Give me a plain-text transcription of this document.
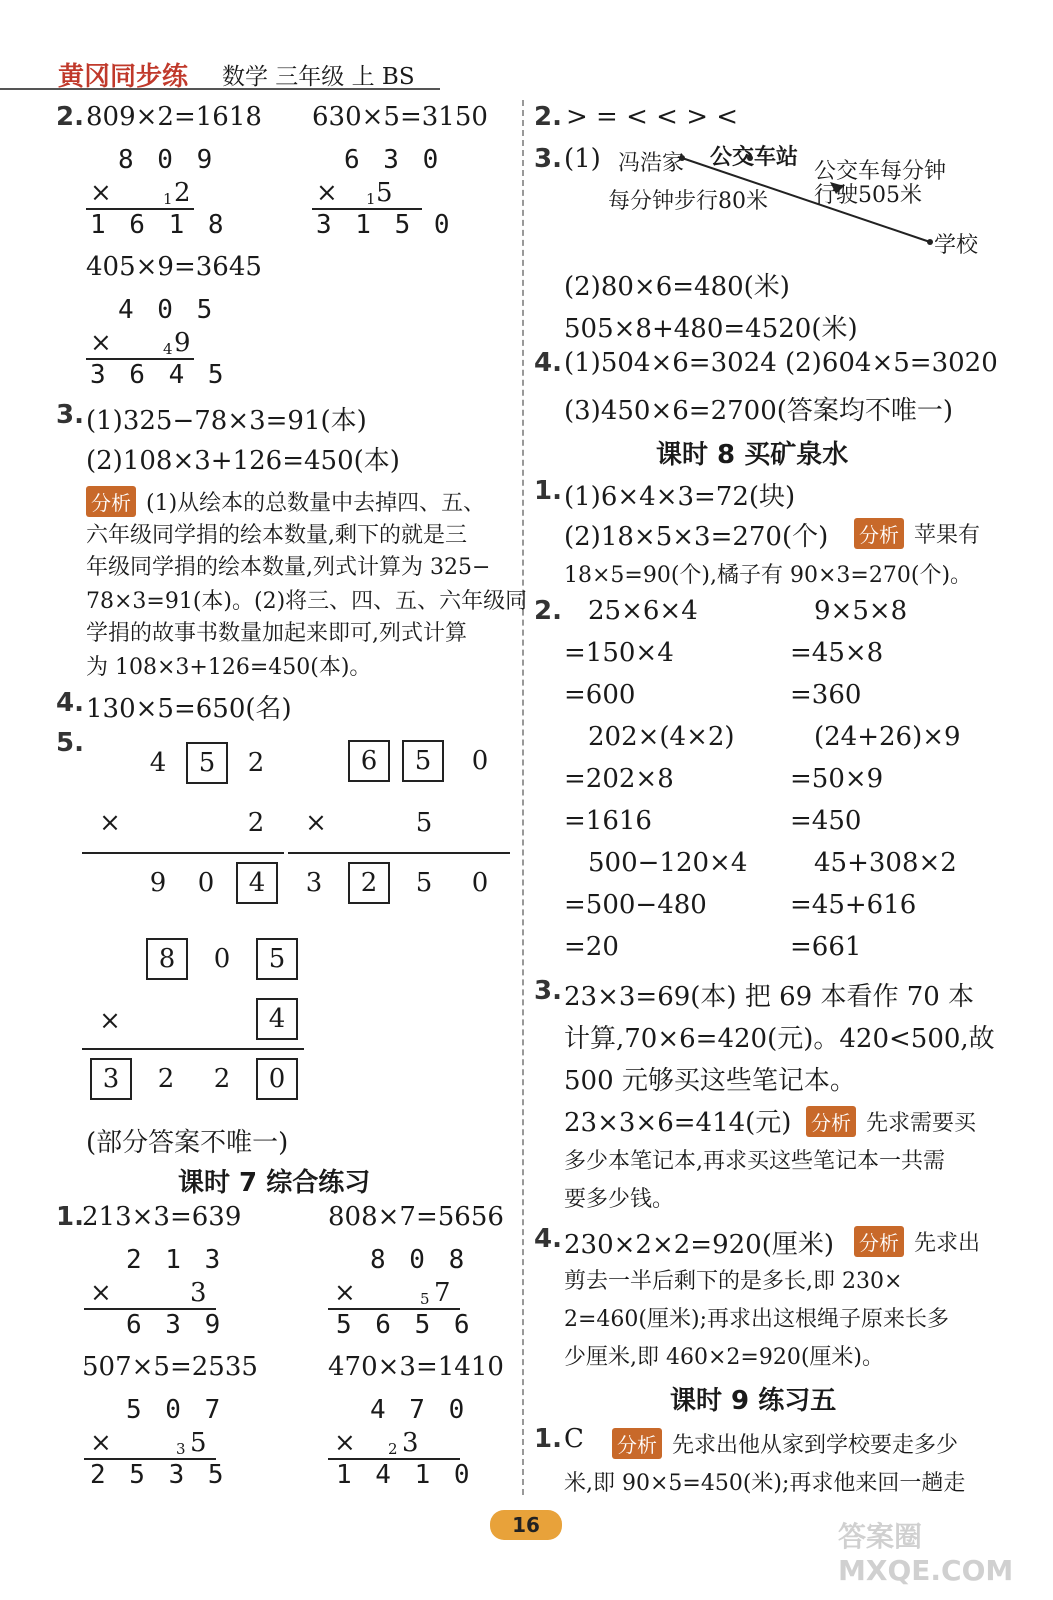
黄冈同步练 数学 三年级 上 BS
2. 809×2=1618 630×5=3150
8 0 9
×	1 2
1 6 1 8
6 3 0
× 1 5
3 1 5 0
405×9=3645
4 0 5
×	4 9
3 6 4 5
3. (1)325−78×3=91(本)
(2)108×3+126=450(本)
分析 (1)从绘本的总数量中去掉四、五、
六年级同学捐的绘本数量,剩下的就是三
年级同学捐的绘本数量,列式计算为 325−
78×3=91(本)。(2)将三、四、五、六年级同
学捐的故事书数量加起来即可,列式计算
为 108×3+126=450(本)。
4. 130×5=650(名)
5.
4	5	2
×	2
9	0	4
6	5	0
×	5
3	2	5	0
8	0	5
×	4
3	2	2	0
(部分答案不唯一)
课时 7 综合练习
1.
213×3=639	808×7=5656
2 1 3
×	3
6 3 9
8 0 8
×	5 7
5 6 5 6
507×5=2535	470×3=1410
5 0 7
×	3 5
2 5 3 5
4 7 0
× 2 3
1 4 1 0
2. > = < < > <
3. (1) 冯浩家 公交车站
公交车每分钟
行驶505米
每分钟步行80米
学校
(2)80×6=480(米)
505×8+480=4520(米)
4. (1)504×6=3024 (2)604×5=3020
(3)450×6=2700(答案均不唯一)
课时 8 买矿泉水
1. (1)6×4×3=72(块)
(2)18×5×3=270(个) 分析 苹果有
18×5=90(个),橘子有 90×3=270(个)。
2. 25×6×4	9×5×8
=150×4	=45×8
=600	=360
202×(4×2)	(24+26)×9
=202×8	=50×9
=1616	=450
500−120×4	45+308×2
=500−480	=45+616
=20	=661
3. 23×3=69(本) 把 69 本看作 70 本
计算,70×6=420(元)。420<500,故
500 元够买这些笔记本。
23×3×6=414(元) 分析 先求需要买
多少本笔记本,再求买这些笔记本一共需
要多少钱。
4. 230×2×2=920(厘米) 分析 先求出
剪去一半后剩下的是多长,即 230×
2=460(厘米);再求出这根绳子原来长多
少厘米,即 460×2=920(厘米)。
课时 9 练习五
1. C 分析 先求出他从家到学校要走多少
米,即 90×5=450(米);再求他来回一趟走
16	答案圈 MXQE.COM
